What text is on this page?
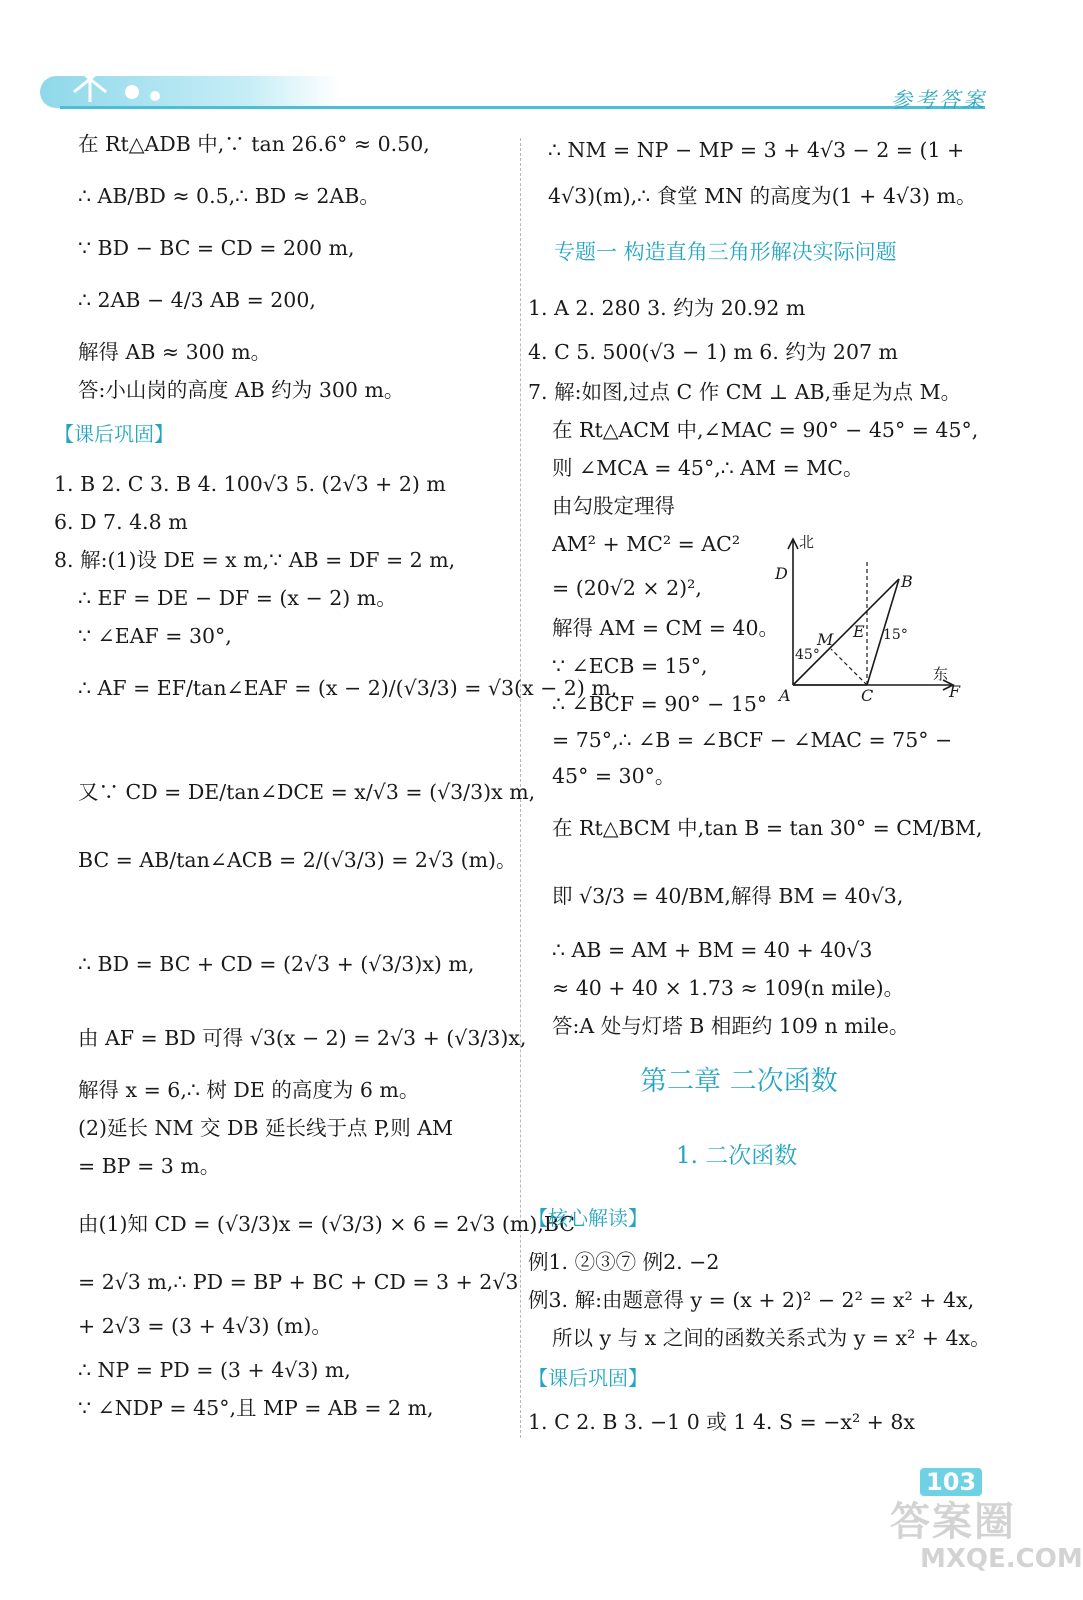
参考答案
在 Rt△ADB 中,∵ tan 26.6° ≈ 0.50,
∴ AB/BD ≈ 0.5,∴ BD ≈ 2AB。
∵ BD − BC = CD = 200 m,
∴ 2AB − 4/3 AB = 200,
解得 AB ≈ 300 m。
答:小山岗的高度 AB 约为 300 m。
【课后巩固】
1. B 2. C 3. B 4. 100√3 5. (2√3 + 2) m
6. D 7. 4.8 m
8. 解:(1)设 DE = x m,∵ AB = DF = 2 m,
∴ EF = DE − DF = (x − 2) m。
∵ ∠EAF = 30°,
∴ AF = EF/tan∠EAF = (x − 2)/(√3/3) = √3(x − 2) m,
又∵ CD = DE/tan∠DCE = x/√3 = (√3/3)x m,
BC = AB/tan∠ACB = 2/(√3/3) = 2√3 (m)。
∴ BD = BC + CD = (2√3 + (√3/3)x) m,
由 AF = BD 可得 √3(x − 2) = 2√3 + (√3/3)x,
解得 x = 6,∴ 树 DE 的高度为 6 m。
(2)延长 NM 交 DB 延长线于点 P,则 AM
= BP = 3 m。
由(1)知 CD = (√3/3)x = (√3/3) × 6 = 2√3 (m),BC
= 2√3 m,∴ PD = BP + BC + CD = 3 + 2√3
+ 2√3 = (3 + 4√3) (m)。
∴ NP = PD = (3 + 4√3) m,
∵ ∠NDP = 45°,且 MP = AB = 2 m,
∴ NM = NP − MP = 3 + 4√3 − 2 = (1 +
4√3)(m),∴ 食堂 MN 的高度为(1 + 4√3) m。
专题一 构造直角三角形解决实际问题
1. A 2. 280 3. 约为 20.92 m
4. C 5. 500(√3 − 1) m 6. 约为 207 m
7. 解:如图,过点 C 作 CM ⊥ AB,垂足为点 M。
在 Rt△ACM 中,∠MAC = 90° − 45° = 45°,
则 ∠MCA = 45°,∴ AM = MC。
由勾股定理得
AM² + MC² = AC²
= (20√2 × 2)²,
解得 AM = CM = 40。
∵ ∠ECB = 15°,
∴ ∠BCF = 90° − 15°
= 75°,∴ ∠B = ∠BCF − ∠MAC = 75° −
45° = 30°。
在 Rt△BCM 中,tan B = tan 30° = CM/BM,
即 √3/3 = 40/BM,解得 BM = 40√3,
∴ AB = AM + BM = 40 + 40√3
≈ 40 + 40 × 1.73 ≈ 109(n mile)。
答:A 处与灯塔 B 相距约 109 n mile。
第二章 二次函数
1. 二次函数
【核心解读】
例1. ②③⑦ 例2. −2
例3. 解:由题意得 y = (x + 2)² − 2² = x² + 4x,
所以 y 与 x 之间的函数关系式为 y = x² + 4x。
【课后巩固】
1. C 2. B 3. −1 0 或 1 4. S = −x² + 8x
A
B
C
D
E
F
M
45°
15°
北
东
103
答案圈
MXQE.COM
